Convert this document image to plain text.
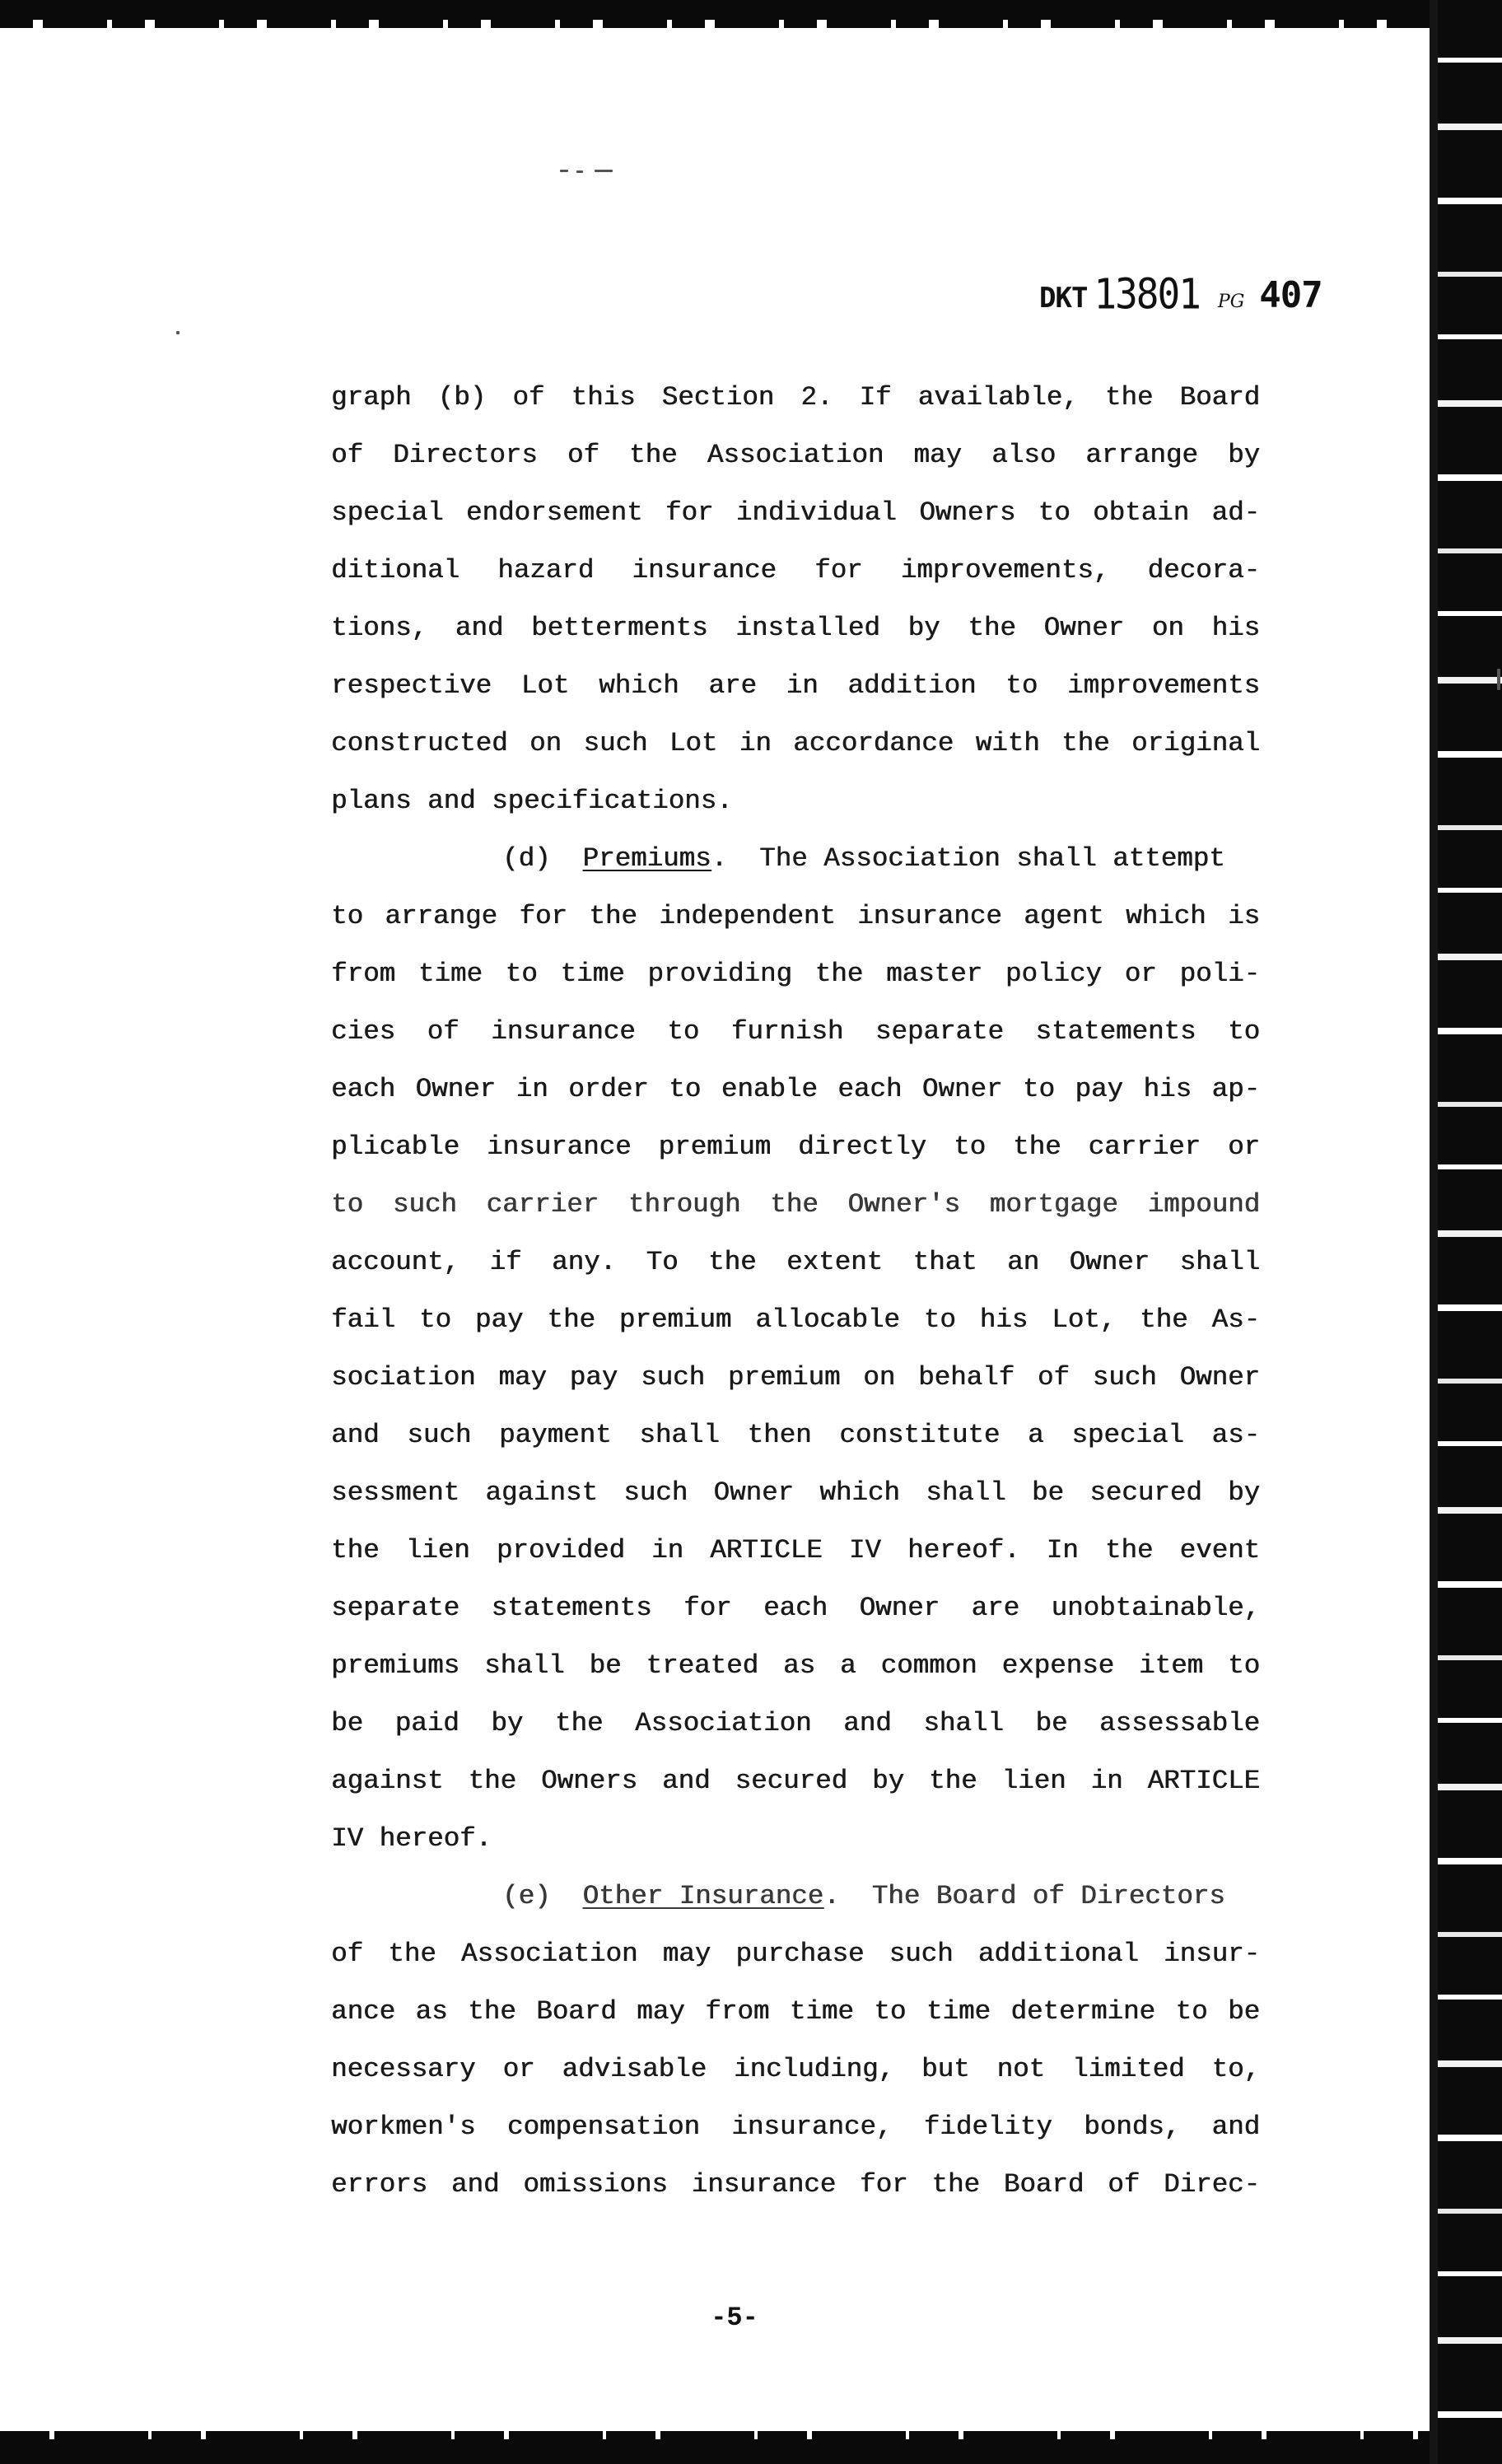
DKT 13801 PG 407
graph (b) of this Section 2. If available, the Board
of Directors of the Association may also arrange by
special endorsement for individual Owners to obtain ad-
ditional hazard insurance for improvements, decora-
tions, and betterments installed by the Owner on his
respective Lot which are in addition to improvements
constructed on such Lot in accordance with the original
plans and specifications.
(d) Premiums.  The Association shall attempt
to arrange for the independent insurance agent which is
from time to time providing the master policy or poli-
cies of insurance to furnish separate statements to
each Owner in order to enable each Owner to pay his ap-
plicable insurance premium directly to the carrier or
to such carrier through the Owner's mortgage impound
account, if any. To the extent that an Owner shall
fail to pay the premium allocable to his Lot, the As-
sociation may pay such premium on behalf of such Owner
and such payment shall then constitute a special as-
sessment against such Owner which shall be secured by
the lien provided in ARTICLE IV hereof. In the event
separate statements for each Owner are unobtainable,
premiums shall be treated as a common expense item to
be paid by the Association and shall be assessable
against the Owners and secured by the lien in ARTICLE
IV hereof.
(e) Other Insurance.  The Board of Directors
of the Association may purchase such additional insur-
ance as the Board may from time to time determine to be
necessary or advisable including, but not limited to,
workmen's compensation insurance, fidelity bonds, and
errors and omissions insurance for the Board of Direc-
-5-
